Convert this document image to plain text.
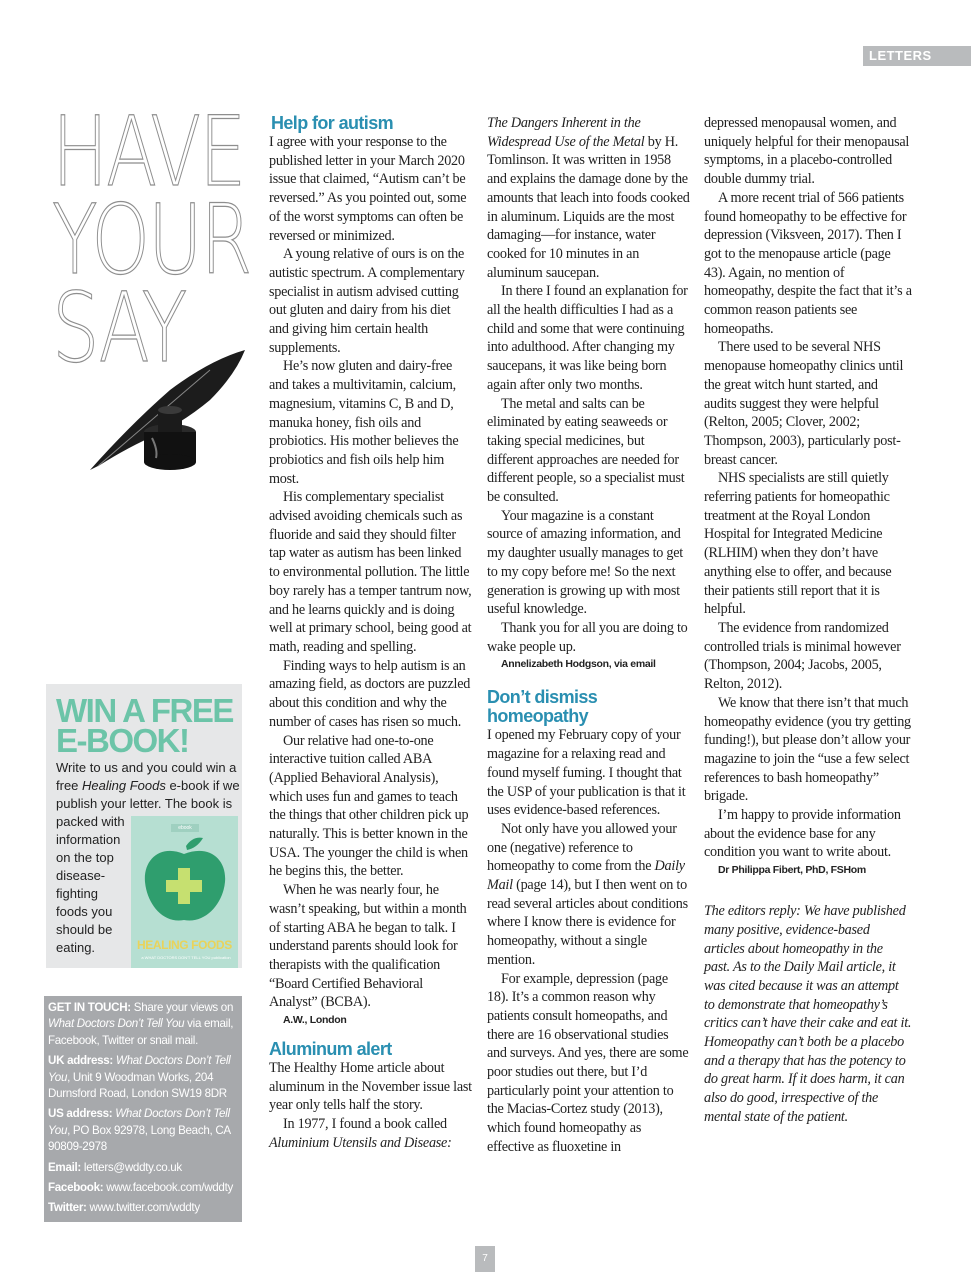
LETTERS
HAVE
YOUR
SAY
Help for autism

I agree with your response to the published letter in your March 2020 issue that claimed, “Autism can’t be reversed.” As you pointed out, some of the worst symptoms can often be reversed or minimized.

A young relative of ours is on the autistic spectrum. A complementary specialist in autism advised cutting out gluten and dairy from his diet and giving him certain health supplements.

He’s now gluten and dairy-free and takes a multivitamin, calcium, magnesium, vitamins C, B and D, manuka honey, fish oils and probiotics. His mother believes the probiotics and fish oils help him most.

His complementary specialist advised avoiding chemicals such as fluoride and said they should filter tap water as autism has been linked to environmental pollution. The little boy rarely has a temper tantrum now, and he learns quickly and is doing well at primary school, being good at math, reading and spelling.

Finding ways to help autism is an amazing field, as doctors are puzzled about this condition and why the number of cases has risen so much.

Our relative had one-to-one interactive tuition called ABA (Applied Behavioral Analysis), which uses fun and games to teach the things that other children pick up naturally. This is better known in the USA. The younger the child is when he begins this, the better.

When he was nearly four, he wasn’t speaking, but within a month of starting ABA he began to talk. I understand parents should look for therapists with the qualification “Board Certified Behavioral Analyst” (BCBA).

A.W., London

Aluminum alert

The Healthy Home article about aluminum in the November issue last year only tells half the story.

In 1977, I found a book called Aluminium Utensils and Disease:

The Dangers Inherent in the Widespread Use of the Metal by H. Tomlinson. It was written in 1958 and explains the damage done by the amounts that leach into foods cooked in aluminum. Liquids are the most damaging—for instance, water cooked for 10 minutes in an aluminum saucepan.

In there I found an explanation for all the health difficulties I had as a child and some that were continuing into adulthood. After changing my saucepans, it was like being born again after only two months.

The metal and salts can be eliminated by eating seaweeds or taking special medicines, but different approaches are needed for different people, so a specialist must be consulted.

Your magazine is a constant source of amazing information, and my daughter usually manages to get to my copy before me! So the next generation is growing up with most useful knowledge.

Thank you for all you are doing to wake people up.

Annelizabeth Hodgson, via email

Don’t dismiss homeopathy

I opened my February copy of your magazine for a relaxing read and found myself fuming. I thought that the USP of your publication is that it uses evidence-based references.

Not only have you allowed your one (negative) reference to homeopathy to come from the Daily Mail (page 14), but I then went on to read several articles about conditions where I know there is evidence for homeopathy, without a single mention.

For example, depression (page 18). It’s a common reason why patients consult homeopaths, and there are 16 observational studies and surveys. And yes, there are some poor studies out there, but I’d particularly point your attention to the Macias-Cortez study (2013), which found homeopathy as effective as fluoxetine in

depressed menopausal women, and uniquely helpful for their menopausal symptoms, in a placebo-controlled double dummy trial.

A more recent trial of 566 patients found homeopathy to be effective for depression (Viksveen, 2017). Then I got to the menopause article (page 43). Again, no mention of homeopathy, despite the fact that it’s a common reason patients see homeopaths.

There used to be several NHS menopause homeopathy clinics until the great witch hunt started, and audits suggest they were helpful (Relton, 2005; Clover, 2002; Thompson, 2003), particularly post-breast cancer.

NHS specialists are still quietly referring patients for homeopathic treatment at the Royal London Hospital for Integrated Medicine (RLHIM) when they don’t have anything else to offer, and because their patients still report that it is helpful.

The evidence from randomized controlled trials is minimal however (Thompson, 2004; Jacobs, 2005, Relton, 2012).

We know that there isn’t that much homeopathy evidence (you try getting funding!), but please don’t allow your magazine to join the “use a few select references to bash homeopathy” brigade.

I’m happy to provide information about the evidence base for any condition you want to write about.

Dr Philippa Fibert, PhD, FSHom

The editors reply: We have published many positive, evidence-based articles about homeopathy in the past. As to the Daily Mail article, it was cited because it was an attempt to demonstrate that homeopathy’s critics can’t have their cake and eat it. Homeopathy can’t both be a placebo and a therapy that has the potency to do great harm. If it does harm, it can also do good, irrespective of the mental state of the patient.

WIN A FREE
E-BOOK!
Write to us and you could win a free Healing Foods e-book if we publish your letter. The book is
packed with information on the top disease-fighting foods you should be eating.
ebook
HEALING FOODS
a WHAT DOCTORS DON'T TELL YOU publication

GET IN TOUCH: Share your views on What Doctors Don’t Tell You via email, Facebook, Twitter or snail mail.

UK address: What Doctors Don’t Tell You, Unit 9 Woodman Works, 204 Durnsford Road, London SW19 8DR

US address: What Doctors Don’t Tell You, PO Box 92978, Long Beach, CA 90809-2978

Email: letters@wddty.co.uk

Facebook: www.facebook.com/wddty

Twitter: www.twitter.com/wddty

7
